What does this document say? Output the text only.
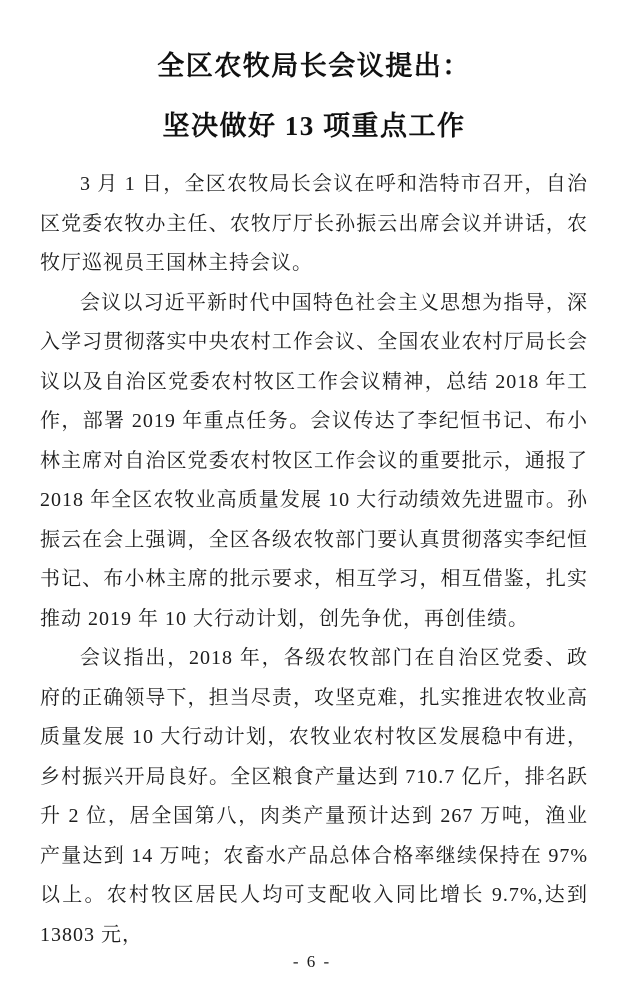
全区农牧局长会议提出：
坚决做好 13 项重点工作

3 月 1 日，全区农牧局长会议在呼和浩特市召开，自治区党委农牧办主任、农牧厅厅长孙振云出席会议并讲话，农牧厅巡视员王国林主持会议。

会议以习近平新时代中国特色社会主义思想为指导，深入学习贯彻落实中央农村工作会议、全国农业农村厅局长会议以及自治区党委农村牧区工作会议精神，总结 2018 年工作，部署 2019 年重点任务。会议传达了李纪恒书记、布小林主席对自治区党委农村牧区工作会议的重要批示，通报了 2018 年全区农牧业高质量发展 10 大行动绩效先进盟市。孙振云在会上强调，全区各级农牧部门要认真贯彻落实李纪恒书记、布小林主席的批示要求，相互学习，相互借鉴，扎实推动 2019 年 10 大行动计划，创先争优，再创佳绩。

会议指出，2018 年，各级农牧部门在自治区党委、政府的正确领导下，担当尽责，攻坚克难，扎实推进农牧业高质量发展 10 大行动计划，农牧业农村牧区发展稳中有进，乡村振兴开局良好。全区粮食产量达到 710.7 亿斤，排名跃升 2 位，居全国第八，肉类产量预计达到 267 万吨，渔业产量达到 14 万吨；农畜水产品总体合格率继续保持在 97%以上。农村牧区居民人均可支配收入同比增长 9.7%,达到 13803 元，

- 6 -
